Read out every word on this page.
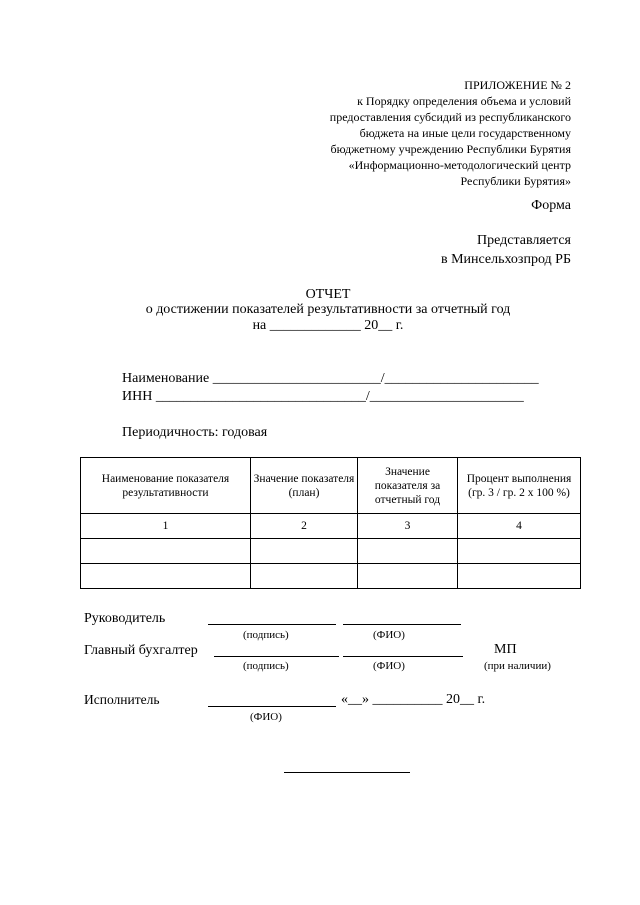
ПРИЛОЖЕНИЕ № 2
к Порядку определения объема и условий
предоставления субсидий из республиканского
бюджета на иные цели государственному
бюджетному учреждению Республики Бурятия
«Информационно-методологический центр
Республики Бурятия»
Форма
Представляется
в Минсельхозпрод РБ
ОТЧЕТ
о достижении показателей результативности за отчетный год
на _____________ 20__ г.
Наименование ________________________/______________________
ИНН ______________________________/______________________
Периодичность: годовая
Наименование показателя результативности	Значение показателя (план)	Значение показателя за отчетный год	Процент выполнения (гр. 3 / гр. 2 х 100 %)
1	2	3	4

Руководитель
(подпись)	(ФИО)
Главный бухгалтер	МП
(подпись)	(ФИО)	(при наличии)
Исполнитель	«__» __________ 20__ г.
(ФИО)
